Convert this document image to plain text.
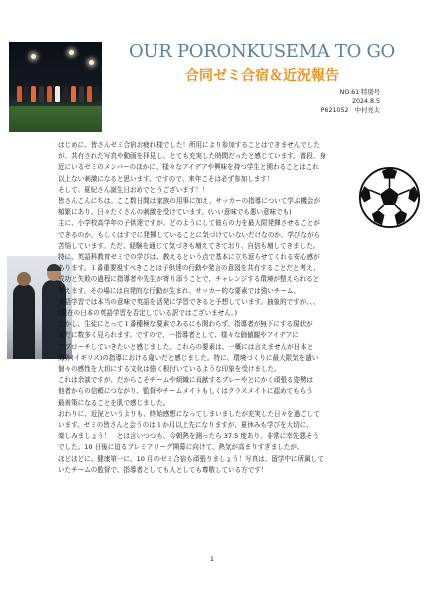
OUR PORONKUSEMA TO GO
合同ゼミ合宿＆近況報告
NO.61 特別号
2024.8.5
P621052　中村亮太
はじめに、皆さんゼミ合宿お疲れ様でした！所用により参加することはできませんでした
が、共有された写真や動画を拝見し、とても充実した時間だったと感じています。普段、身
近にいるゼミのメンバーのほかに、様々なアイデアや興味を持つ学生と関わることはこれ
以上ない刺激になると思います。ですので、来年こそは必ず参加します！
そして、夏紀さん誕生日おめでとうございます！！
皆さんこんにちは。ここ数日間は家族の用事に加え、サッカーの指導について学ぶ機会が
頻繁にあり、日々たくさんの刺激を受けています。(いい意味でも悪い意味でも)
主に、小学校高学年の子供達ですが、どのようにして彼らの力を最大限発揮させることが
できるのか、もしくはすでに発揮していることに気づけていないだけなのか、学びながら
苦悩しています。ただ、経験を通じて気づきも増えてきており、自信も増してきました。
特に、英語科教育ゼミでの学びは、教えるという点で基本に立ち返らせてくれる安心感が
あります。１番重要視すべきことは子供達の行動や発言の意図を共有することだと考え、
成功と失敗の過程に指導者や先生が寄り添うことで、チャレンジする環境が整えられると
考えます。その場には自発的な行動が生まれ、サッカー的な要素では強いチーム、
英語学習では本当の意味で英語を活発に学習できると予想しています。抽象的ですが、、、
(現在の日本の英語学習を否定している訳ではございません。)
しかし、生徒にとって１番種極な要素であるにも関わらず、指導者が無下にする現状が
未だに数多く見られます。ですので、一指導者として、様々な価値観やアイデアに
アプローチしていきたいと感じました。これらの要素は、一概には言えませんが日本と
海外(イギリス)の指導における違いだと感じました。特に、環境づくりに最大限気を遣い
個々の感性を大切にする文化は強く根付いているような印象を受けました。
これは余談ですが、だからこそチームや組織に貢献するプレーやとにかく頑張る姿勢は
他者からの信頼につながり、監督やチームメイトもしくはクラスメイトに認めてもらう
最善策になることを肌で感じました。
おわりに、近況というよりも、終始感想になってしまいましたが充実した日々を過ごして
います。ゼミの皆さんと会うのは１か月以上先になりますが、夏休みも学びを大切に、
楽しみましょう！　とは言いつつも、今朝熱を測ったら 37.5 度あり、非常に幸先悪そう
でした。10 日後に迫るプレミアリーグ開幕に向けて、熱気が高まりすぎましたが、
ほどほどに、健康第一に、10 月のゼミ合宿も頑張りましょう！写真は、留学中に所属して
いたチームの監督で、指導者としても人としても尊敬している方です！
1
